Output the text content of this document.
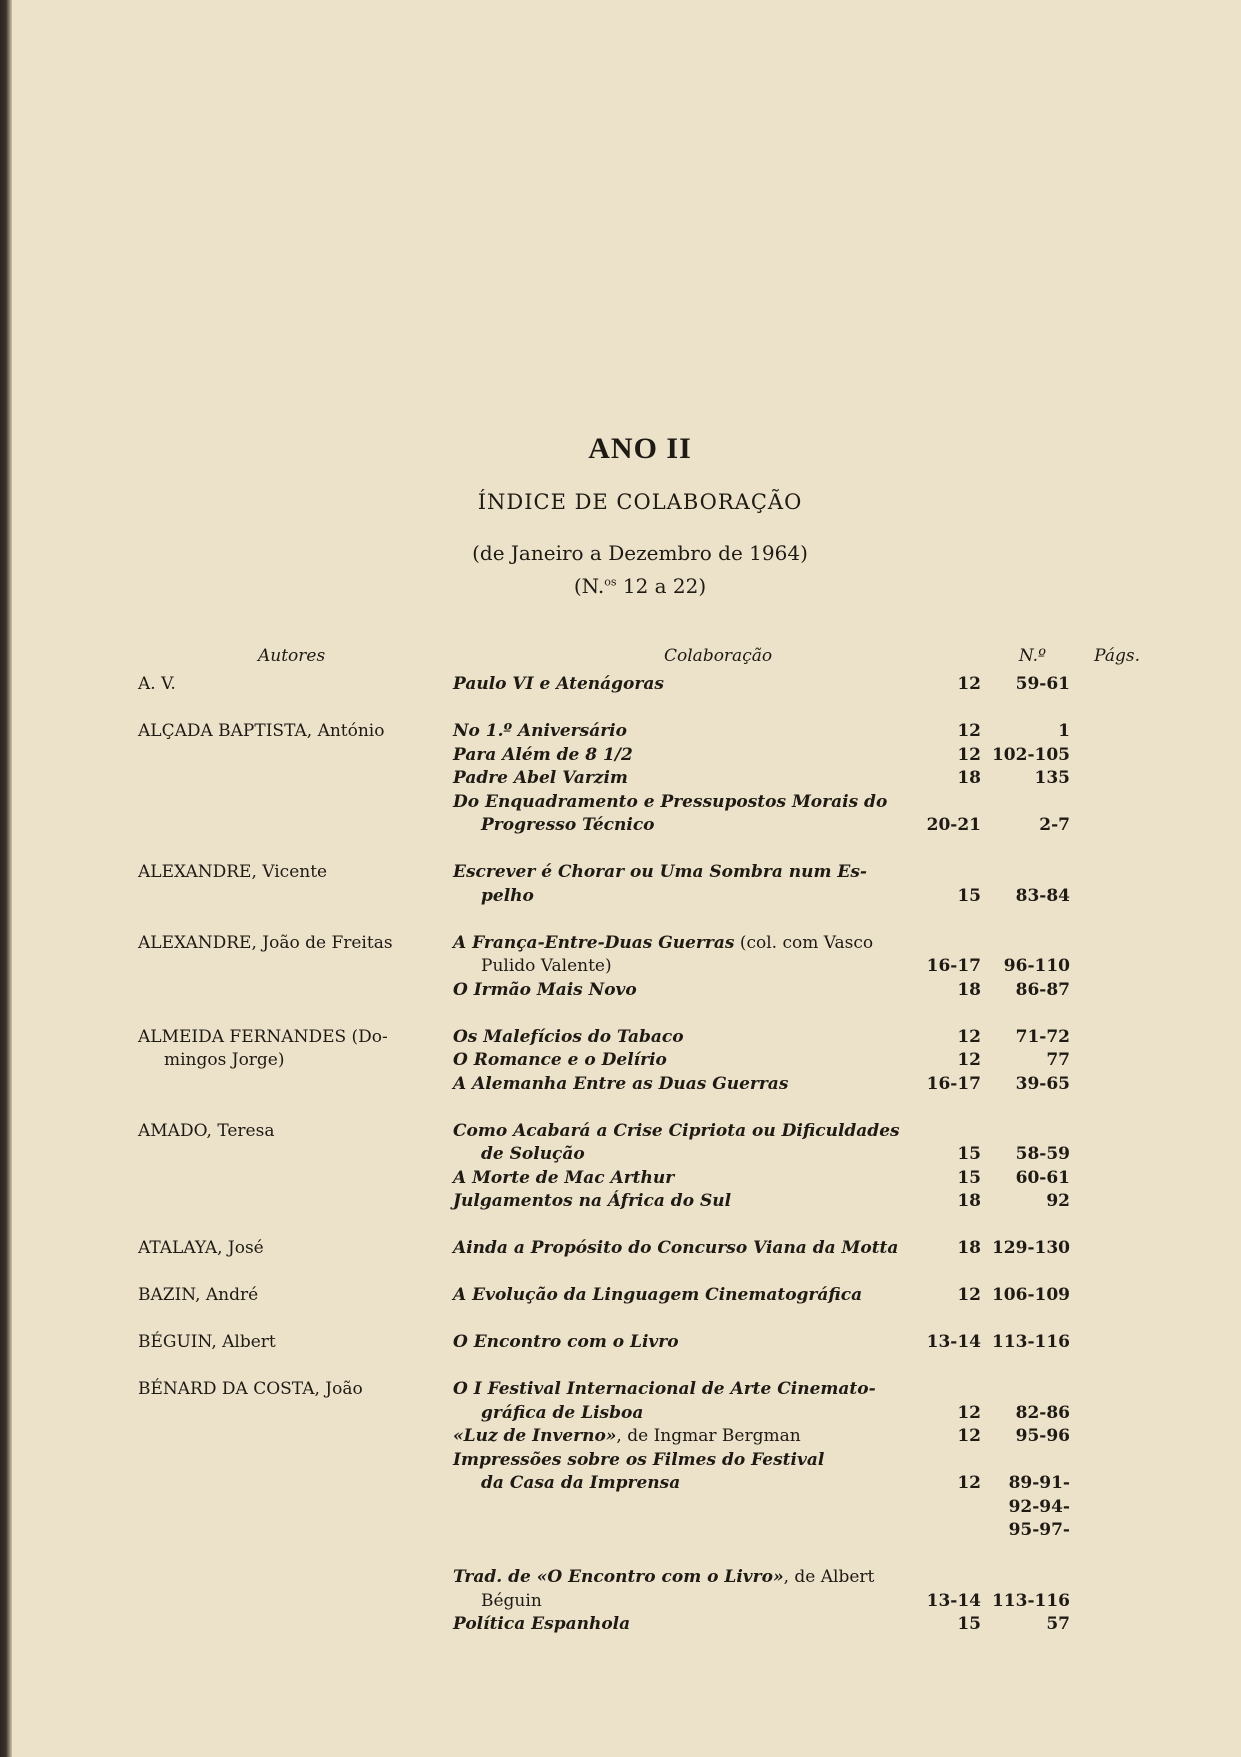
ANO II
ÍNDICE DE COLABORAÇÃO
(de Janeiro a Dezembro de 1964)
(N.$^{os}$ 12 a 22)
Autores	Colaboração	N.º	Págs.
A. V.	Paulo VI e Atenágoras	12	59-61
ALÇADA BAPTISTA, António	No 1.º Aniversário	12	1
Para Além de 8 1/2	12 102-105
Padre Abel Varzim	18	135
Do Enquadramento e Pressupostos Morais do
Progresso Técnico	20-21	2-7
ALEXANDRE, Vicente	Escrever é Chorar ou Uma Sombra num Es-
pelho	15	83-84
ALEXANDRE, João de Freitas	A França-Entre-Duas Guerras (col. com Vasco
Pulido Valente)	16-17	96-110
O Irmão Mais Novo	18	86-87
ALMEIDA FERNANDES (Do-
mingos Jorge)
Os Malefícios do Tabaco	12	71-72
O Romance e o Delírio	12	77
A Alemanha Entre as Duas Guerras	16-17	39-65
AMADO, Teresa	Como Acabará a Crise Cipriota ou Dificuldades
de Solução	15	58-59
A Morte de Mac Arthur	15	60-61
Julgamentos na África do Sul	18	92
ATALAYA, José	Ainda a Propósito do Concurso Viana da Motta	18 129-130
BAZIN, André	A Evolução da Linguagem Cinematográfica	12 106-109
BÉGUIN, Albert	O Encontro com o Livro	13-14 113-116
BÉNARD DA COSTA, João	O I Festival Internacional de Arte Cinemato-
gráfica de Lisboa	12	82-86
«Luz de Inverno», de Ingmar Bergman	12	95-96
Impressões sobre os Filmes do Festival
da Casa da Imprensa	12	89-91-
92-94-
95-97-
Trad. de «O Encontro com o Livro», de Albert
Béguin	13-14 113-116
Política Espanhola	15	57
